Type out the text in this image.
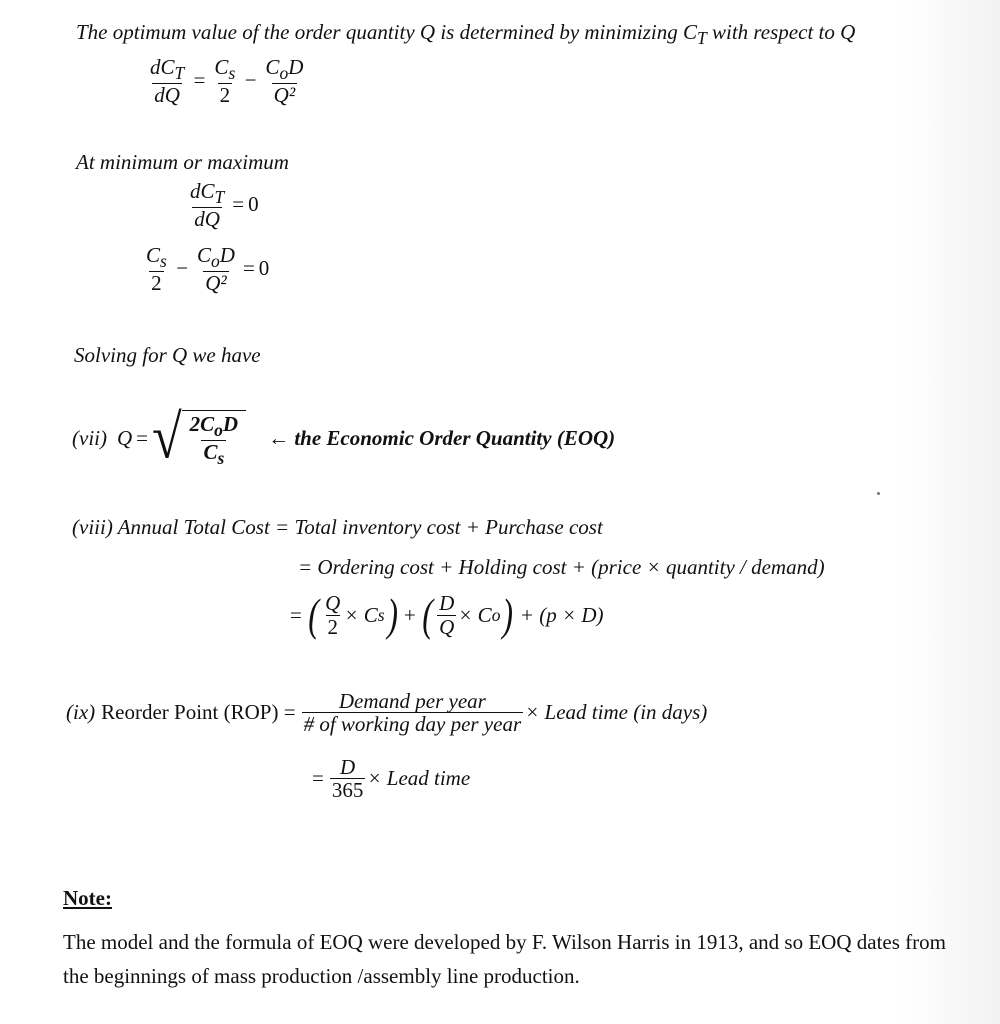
The optimum value of the order quantity Q is determined by minimizing $C_T$ with respect to Q
$\frac{dC_T}{dQ} = \frac{C_s}{2} - \frac{C_oD}{\text{Q²}}$
At minimum or maximum
$\frac{dC_T}{dQ} = 0$
$\frac{C_s}{2} - \frac{C_oD}{\text{Q²}} = 0$
Solving for Q we have
(vii) Q = √ $\frac{2C_oD}{C_s}$ ← the Economic Order Quantity (EOQ)
(viii) Annual Total Cost = Total inventory cost + Purchase cost
= Ordering cost + Holding cost + (price × quantity / demand)
= ( $\frac{Q}{2} \times C$ s ) + ( $\frac{D}{Q} \times C$ o ) + (p × D)
(ix) Reorder Point $(ROP) = \frac{\text{Demand per year}}{\text{\# of working day per year}}$ × Lead time (in days)
= $\frac{D}{365}$ × Lead time
Note:
The model and the formula of EOQ were developed by F. Wilson Harris in 1913, and so EOQ dates from the beginnings of mass production /assembly line production.
